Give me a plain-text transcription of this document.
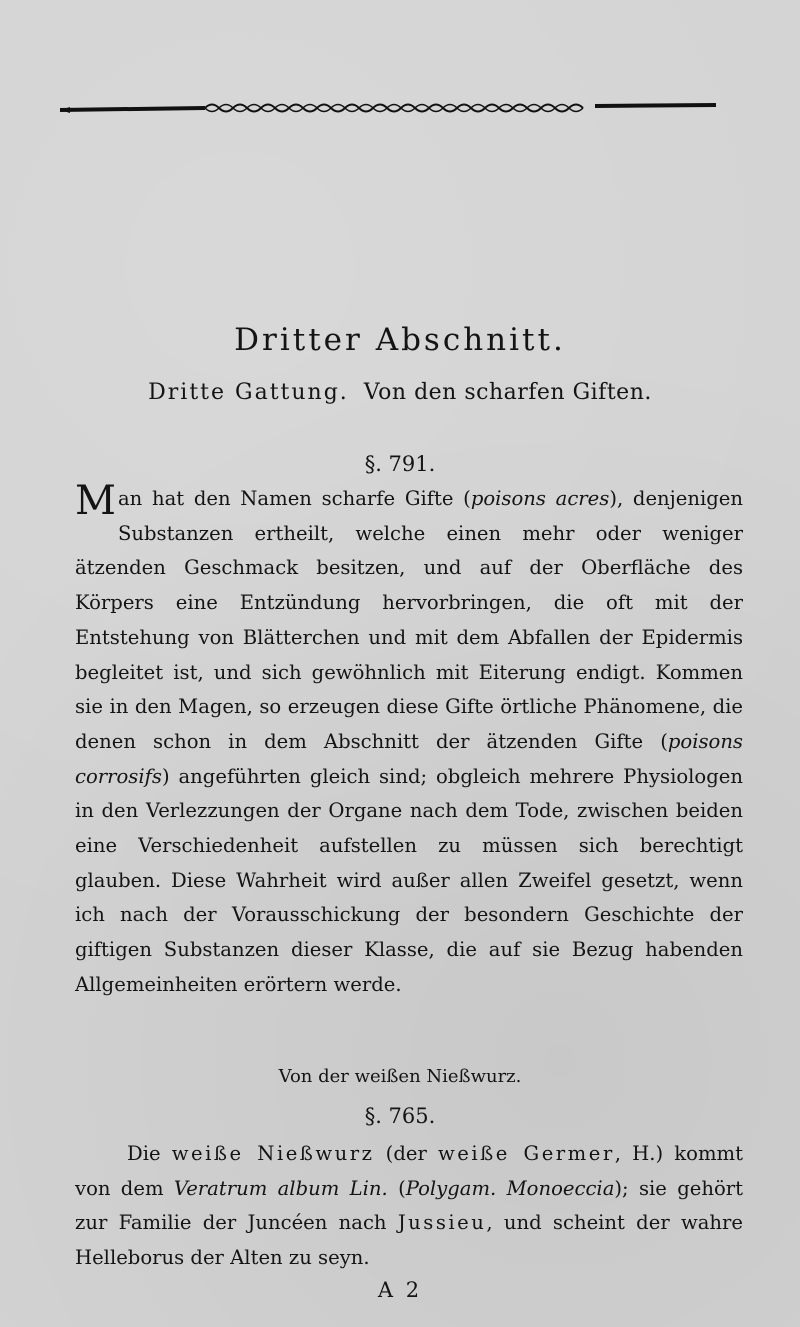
Dritter Abschnitt.
Dritte Gattung. Von den scharfen Giften.
§. 791.

Man hat den Namen scharfe Gifte (poisons acres), denjenigen Substanzen ertheilt, welche einen mehr oder weniger ätzenden Geschmack besitzen, und auf der Oberfläche des Körpers eine Entzündung hervorbringen, die oft mit der Entstehung von Blätterchen und mit dem Abfallen der Epidermis begleitet ist, und sich gewöhnlich mit Eiterung endigt. Kommen sie in den Magen, so erzeugen diese Gifte örtliche Phänomene, die denen schon in dem Abschnitt der ätzenden Gifte (poisons corrosifs) angeführten gleich sind; obgleich mehrere Physiologen in den Verlezzungen der Organe nach dem Tode, zwischen beiden eine Verschiedenheit aufstellen zu müssen sich berechtigt glauben. Diese Wahrheit wird außer allen Zweifel gesetzt, wenn ich nach der Vorausschickung der besondern Geschichte der giftigen Substanzen dieser Klasse, die auf sie Bezug habenden Allgemeinheiten erörtern werde.

Von der weißen Nießwurz.
§. 765.

Die weiße Nießwurz (der weiße Germer, H.) kommt von dem Veratrum album Lin. (Polygam. Monoeccia); sie gehört zur Familie der Juncéen nach Jussieu, und scheint der wahre Helleborus der Alten zu seyn.

A 2
